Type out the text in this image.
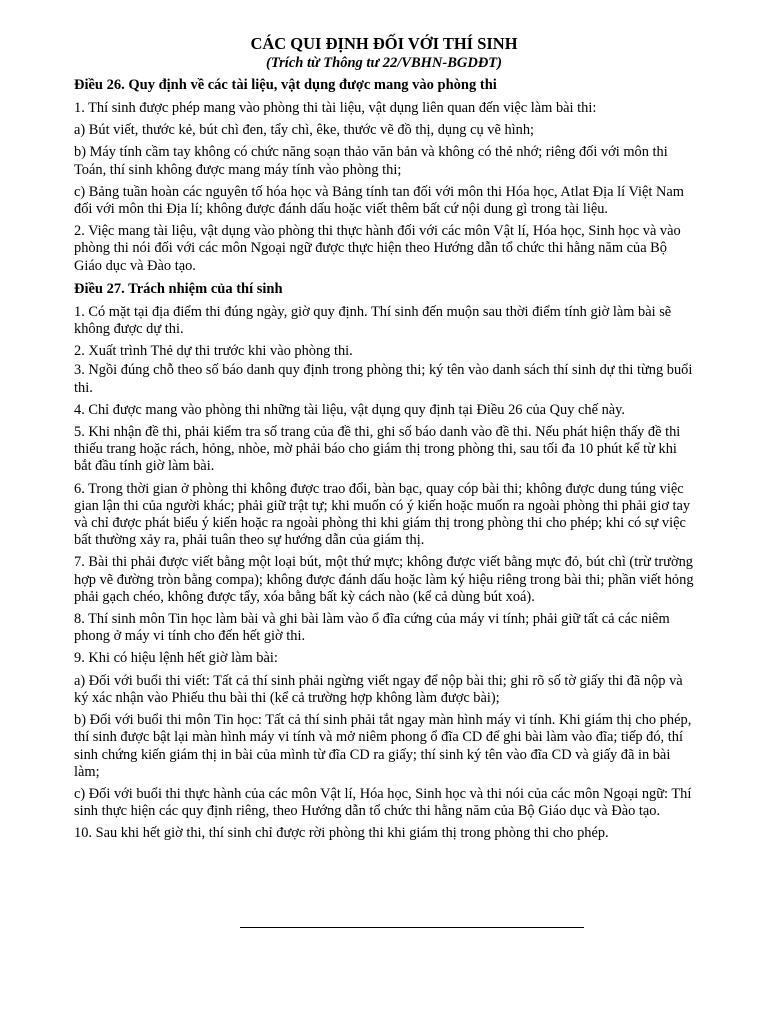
CÁC QUI ĐỊNH ĐỐI VỚI THÍ SINH

(Trích từ Thông tư 22/VBHN-BGDĐT)

Điều 26. Quy định về các tài liệu, vật dụng được mang vào phòng thi

1. Thí sinh được phép mang vào phòng thi tài liệu, vật dụng liên quan đến việc làm bài thi:

a) Bút viết, thước kẻ, bút chì đen, tẩy chì, êke, thước vẽ đồ thị, dụng cụ vẽ hình;

b) Máy tính cầm tay không có chức năng soạn thảo văn bản và không có thẻ nhớ; riêng đối với môn thi Toán, thí sinh không được mang máy tính vào phòng thi;

c) Bảng tuần hoàn các nguyên tố hóa học và Bảng tính tan đối với môn thi Hóa học, Atlat Địa lí Việt Nam đối với môn thi Địa lí; không được đánh dấu hoặc viết thêm bất cứ nội dung gì trong tài liệu.

2. Việc mang tài liệu, vật dụng vào phòng thi thực hành đối với các môn Vật lí, Hóa học, Sinh học và vào phòng thi nói đối với các môn Ngoại ngữ được thực hiện theo Hướng dẫn tổ chức thi hằng năm của Bộ Giáo dục và Đào tạo.

Điều 27. Trách nhiệm của thí sinh

1. Có mặt tại địa điểm thi đúng ngày, giờ quy định. Thí sinh đến muộn sau thời điểm tính giờ làm bài sẽ không được dự thi.

2. Xuất trình Thẻ dự thi trước khi vào phòng thi.

3. Ngồi đúng chỗ theo số báo danh quy định trong phòng thi; ký tên vào danh sách thí sinh dự thi từng buổi thi.

4. Chỉ được mang vào phòng thi những tài liệu, vật dụng quy định tại Điều 26 của Quy chế này.

5. Khi nhận đề thi, phải kiểm tra số trang của đề thi, ghi số báo danh vào đề thi. Nếu phát hiện thấy đề thi thiếu trang hoặc rách, hỏng, nhòe, mờ phải báo cho giám thị trong phòng thi, sau tối đa 10 phút kể từ khi bắt đầu tính giờ làm bài.

6. Trong thời gian ở phòng thi không được trao đổi, bàn bạc, quay cóp bài thi; không được dung túng việc gian lận thi của người khác; phải giữ trật tự; khi muốn có ý kiến hoặc muốn ra ngoài phòng thi phải giơ tay và chỉ được phát biểu ý kiến hoặc ra ngoài phòng thi khi giám thị trong phòng thi cho phép; khi có sự việc bất thường xảy ra, phải tuân theo sự hướng dẫn của giám thị.

7. Bài thi phải được viết bằng một loại bút, một thứ mực; không được viết bằng mực đỏ, bút chì (trừ trường hợp vẽ đường tròn bằng compa); không được đánh dấu hoặc làm ký hiệu riêng trong bài thi; phần viết hỏng phải gạch chéo, không được tẩy, xóa bằng bất kỳ cách nào (kể cả dùng bút xoá).

8. Thí sinh môn Tin học làm bài và ghi bài làm vào ổ đĩa cứng của máy vi tính; phải giữ tất cả các niêm phong ở máy vi tính cho đến hết giờ thi.

9. Khi có hiệu lệnh hết giờ làm bài:

a) Đối với buổi thi viết: Tất cả thí sinh phải ngừng viết ngay để nộp bài thi; ghi rõ số tờ giấy thi đã nộp và ký xác nhận vào Phiếu thu bài thi (kể cả trường hợp không làm được bài);

b) Đối với buổi thi môn Tin học: Tất cả thí sinh phải tắt ngay màn hình máy vi tính. Khi giám thị cho phép, thí sinh được bật lại màn hình máy vi tính và mở niêm phong ổ đĩa CD để ghi bài làm vào đĩa; tiếp đó, thí sinh chứng kiến giám thị in bài của mình từ đĩa CD ra giấy; thí sinh ký tên vào đĩa CD và giấy đã in bài làm;

c) Đối với buổi thi thực hành của các môn Vật lí, Hóa học, Sinh học và thi nói của các môn Ngoại ngữ: Thí sinh thực hiện các quy định riêng, theo Hướng dẫn tổ chức thi hằng năm của Bộ Giáo dục và Đào tạo.

10. Sau khi hết giờ thi, thí sinh chỉ được rời phòng thi khi giám thị trong phòng thi cho phép.
